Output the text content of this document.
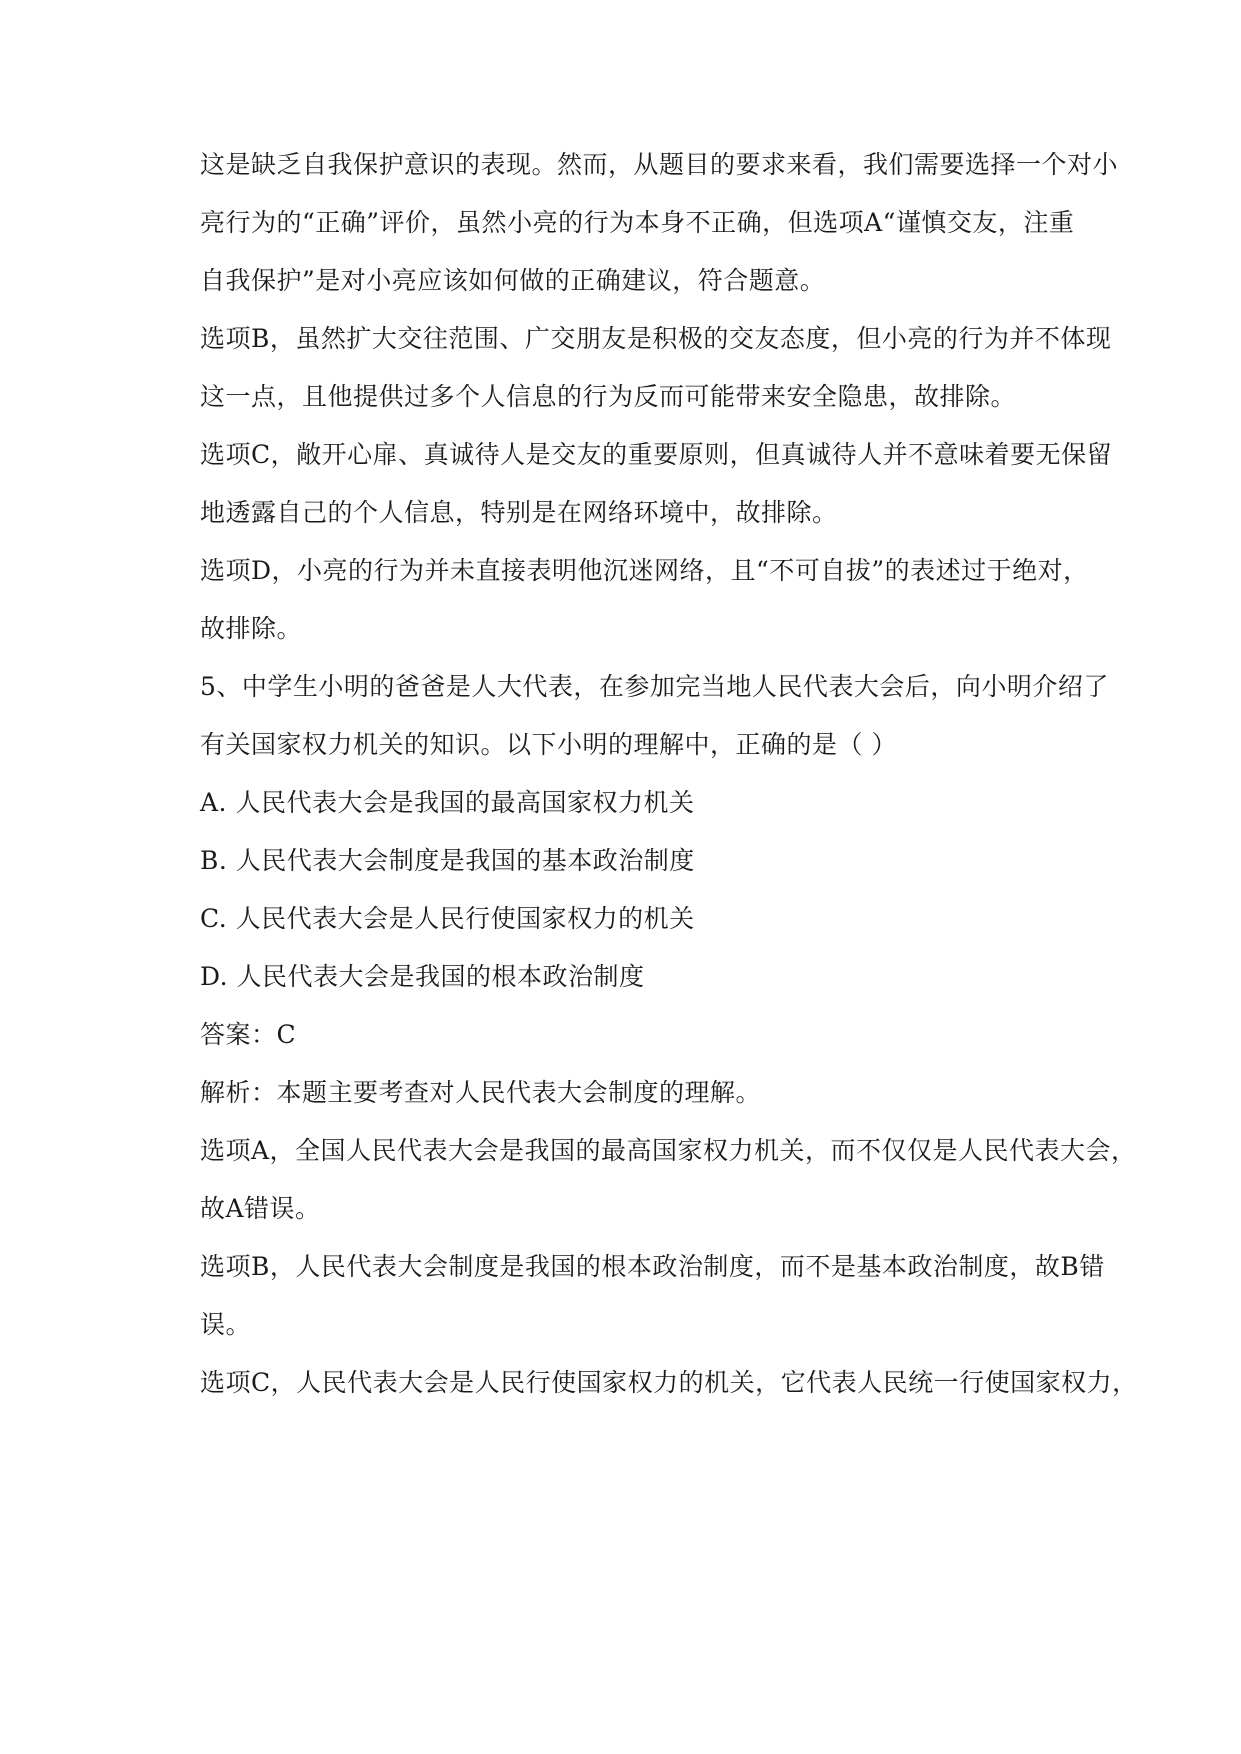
这是缺乏自我保护意识的表现。然而，从题目的要求来看，我们需要选择一个对小
亮行为的“正确”评价，虽然小亮的行为本身不正确，但选项A“谨慎交友，注重
自我保护”是对小亮应该如何做的正确建议，符合题意。
选项B，虽然扩大交往范围、广交朋友是积极的交友态度，但小亮的行为并不体现
这一点，且他提供过多个人信息的行为反而可能带来安全隐患，故排除。
选项C，敞开心扉、真诚待人是交友的重要原则，但真诚待人并不意味着要无保留
地透露自己的个人信息，特别是在网络环境中，故排除。
选项D，小亮的行为并未直接表明他沉迷网络，且“不可自拔”的表述过于绝对，
故排除。
5、中学生小明的爸爸是人大代表，在参加完当地人民代表大会后，向小明介绍了
有关国家权力机关的知识。以下小明的理解中，正确的是（ ）
A. 人民代表大会是我国的最高国家权力机关
B. 人民代表大会制度是我国的基本政治制度
C. 人民代表大会是人民行使国家权力的机关
D. 人民代表大会是我国的根本政治制度
答案：C
解析：本题主要考查对人民代表大会制度的理解。
选项A，全国人民代表大会是我国的最高国家权力机关，而不仅仅是人民代表大会，
故A错误。
选项B，人民代表大会制度是我国的根本政治制度，而不是基本政治制度，故B错
误。
选项C，人民代表大会是人民行使国家权力的机关，它代表人民统一行使国家权力，
